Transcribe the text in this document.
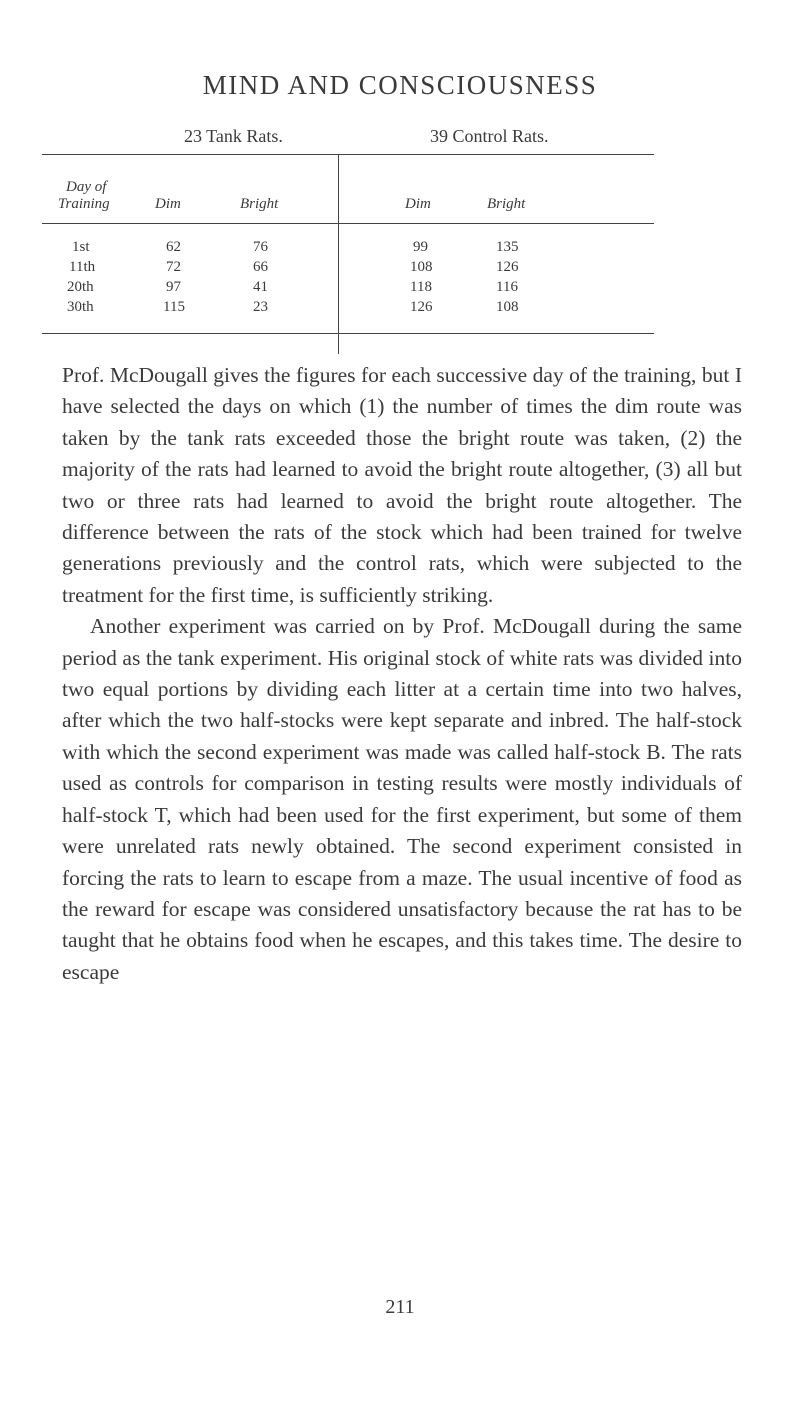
MIND AND CONSCIOUSNESS
23 Tank Rats.	39 Control Rats.
Day of
Training	Dim	Bright	Dim	Bright
1st	62	76	99	135
11th	72	66	108	126
20th	97	41	118	116
30th	115	23	126	108

Prof. McDougall gives the figures for each successive day of the training, but I have selected the days on which (1) the number of times the dim route was taken by the tank rats exceeded those the bright route was taken, (2) the majority of the rats had learned to avoid the bright route altogether, (3) all but two or three rats had learned to avoid the bright route altogether. The difference between the rats of the stock which had been trained for twelve generations previously and the control rats, which were subjected to the treatment for the first time, is sufficiently striking.

Another experiment was carried on by Prof. McDougall during the same period as the tank experiment. His original stock of white rats was divided into two equal portions by dividing each litter at a certain time into two halves, after which the two half-stocks were kept separate and inbred. The half-stock with which the second experiment was made was called half-stock B. The rats used as controls for comparison in testing results were mostly individuals of half-stock T, which had been used for the first experiment, but some of them were unrelated rats newly obtained. The second experiment consisted in forcing the rats to learn to escape from a maze. The usual incentive of food as the reward for escape was considered unsatisfactory because the rat has to be taught that he obtains food when he escapes, and this takes time. The desire to escape

211
